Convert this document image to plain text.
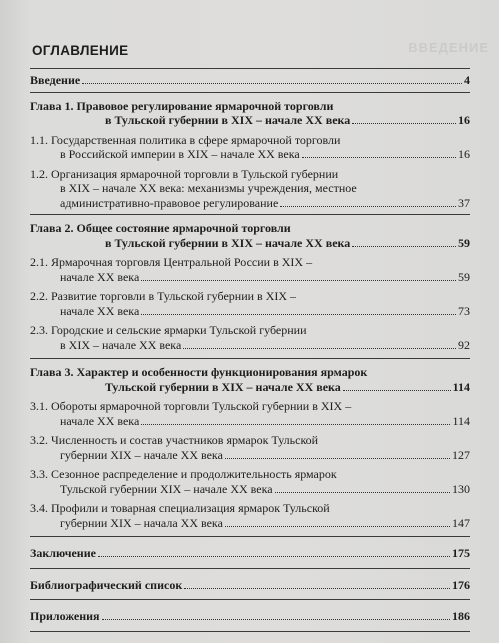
ВВЕДЕНИЕ
ОГЛАВЛЕНИЕ
Введение	4
Глава 1. Правовое регулирование ярмарочной торговли
в Тульской губернии в XIX – начале XX века	16
1.1. Государственная политика в сфере ярмарочной торговли
в Российской империи в XIX – начале XX века	16
1.2. Организация ярмарочной торговли в Тульской губернии
в XIX – начале XX века: механизмы учреждения, местное
административно-правовое регулирование	37
Глава 2. Общее состояние ярмарочной торговли
в Тульской губернии в XIX – начале XX века	59
2.1. Ярмарочная торговля Центральной России в XIX –
начале XX века	59
2.2. Развитие торговли в Тульской губернии в XIX –
начале XX века	73
2.3. Городские и сельские ярмарки Тульской губернии
в XIX – начале XX века	92
Глава 3. Характер и особенности функционирования ярмарок
Тульской губернии в XIX – начале XX века	114
3.1. Обороты ярмарочной торговли Тульской губернии в XIX –
начале XX века	114
3.2. Численность и состав участников ярмарок Тульской
губернии XIX – начале XX века	127
3.3. Сезонное распределение и продолжительность ярмарок
Тульской губернии XIX – начале XX века	130
3.4. Профили и товарная специализация ярмарок Тульской
губернии XIX – начала XX века	147
Заключение	175
Библиографический список	176
Приложения	186
